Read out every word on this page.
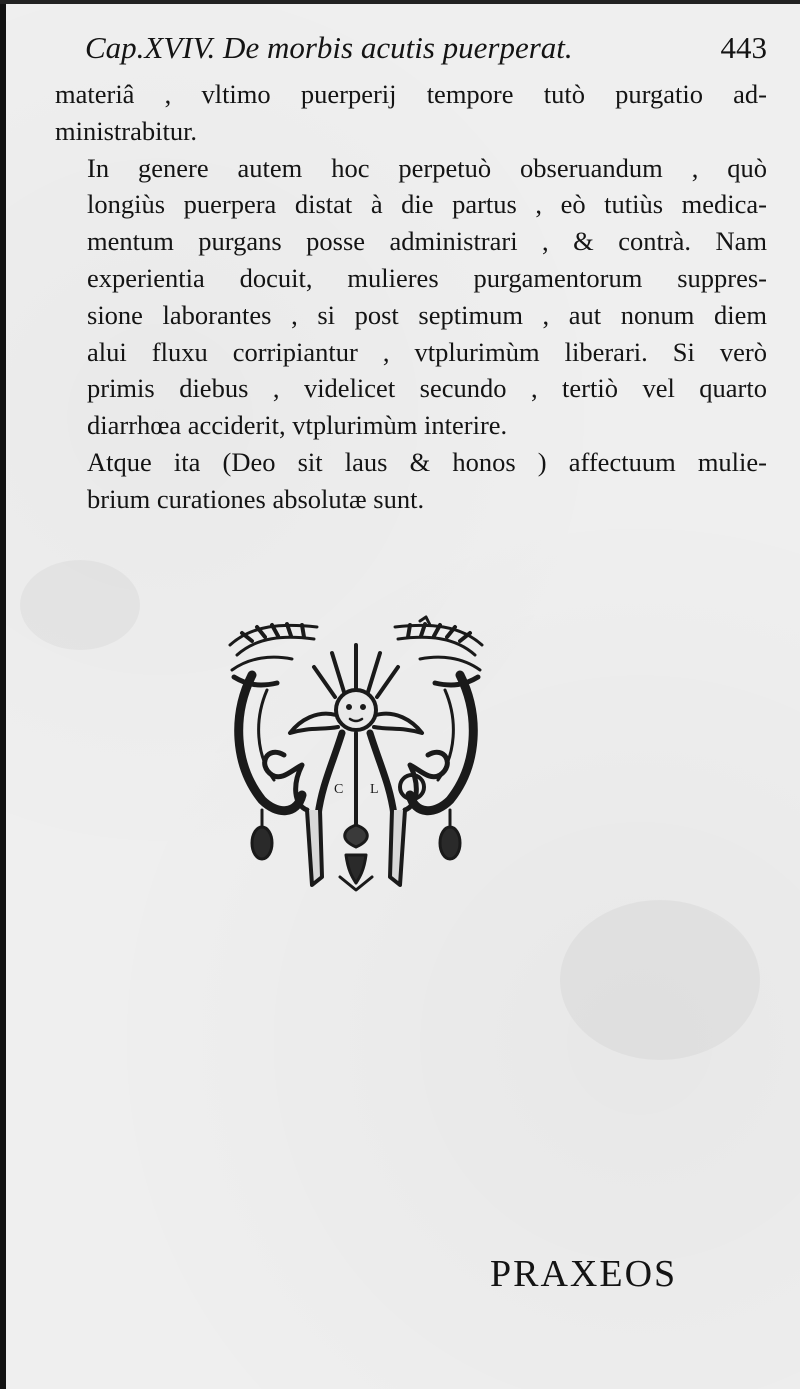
Cap.XVIV. De morbis acutis puerperat.	443

materiâ , vltimo puerperij tempore tutò purgatio ad-
ministrabitur.

In genere autem hoc perpetuò obseruandum , quò
longiùs puerpera distat à die partus , eò tutiùs medica-
mentum purgans posse administrari , & contrà. Nam
experientia docuit, mulieres purgamentorum suppres-
sione laborantes , si post septimum , aut nonum diem
alui fluxu corripiantur , vtplurimùm liberari. Si verò
primis diebus , videlicet secundo , tertiò vel quarto
diarrhœa acciderit, vtplurimùm interire.

Atque ita (Deo sit laus & honos ) affectuum mulie-
brium curationes absolutæ sunt.

C L
PRAXEOS
